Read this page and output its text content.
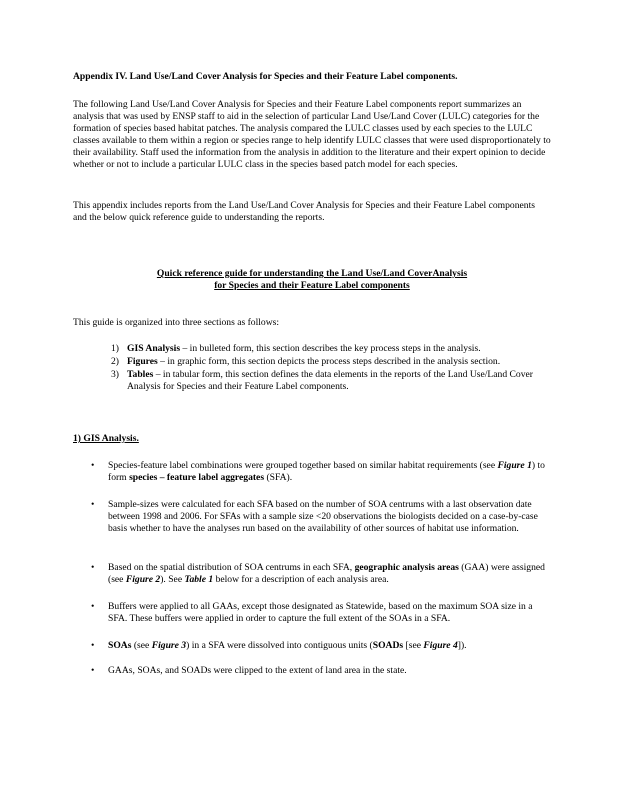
Appendix IV. Land Use/Land Cover Analysis for Species and their Feature Label components.

The following Land Use/Land Cover Analysis for Species and their Feature Label components report summarizes an analysis that was used by ENSP staff to aid in the selection of particular Land Use/Land Cover (LULC) categories for the formation of species based habitat patches. The analysis compared the LULC classes used by each species to the LULC classes available to them within a region or species range to help identify LULC classes that were used disproportionately to their availability. Staff used the information from the analysis in addition to the literature and their expert opinion to decide whether or not to include a particular LULC class in the species based patch model for each species.

This appendix includes reports from the Land Use/Land Cover Analysis for Species and their Feature Label components and the below quick reference guide to understanding the reports.

Quick reference guide for understanding the Land Use/Land CoverAnalysis
for Species and their Feature Label components

This guide is organized into three sections as follows:

1) GIS Analysis – in bulleted form, this section describes the key process steps in the analysis.
2) Figures – in graphic form, this section depicts the process steps described in the analysis section.
3) Tables – in tabular form, this section defines the data elements in the reports of the Land Use/Land Cover Analysis for Species and their Feature Label components.
1) GIS Analysis.
• Species-feature label combinations were grouped together based on similar habitat requirements (see Figure 1) to form species – feature label aggregates (SFA).
• Sample-sizes were calculated for each SFA based on the number of SOA centrums with a last observation date between 1998 and 2006. For SFAs with a sample size <20 observations the biologists decided on a case-by-case basis whether to have the analyses run based on the availability of other sources of habitat use information.
• Based on the spatial distribution of SOA centrums in each SFA, geographic analysis areas (GAA) were assigned (see Figure 2). See Table 1 below for a description of each analysis area.
• Buffers were applied to all GAAs, except those designated as Statewide, based on the maximum SOA size in a SFA. These buffers were applied in order to capture the full extent of the SOAs in a SFA.
• SOAs (see Figure 3) in a SFA were dissolved into contiguous units (SOADs [see Figure 4]).
• GAAs, SOAs, and SOADs were clipped to the extent of land area in the state.
